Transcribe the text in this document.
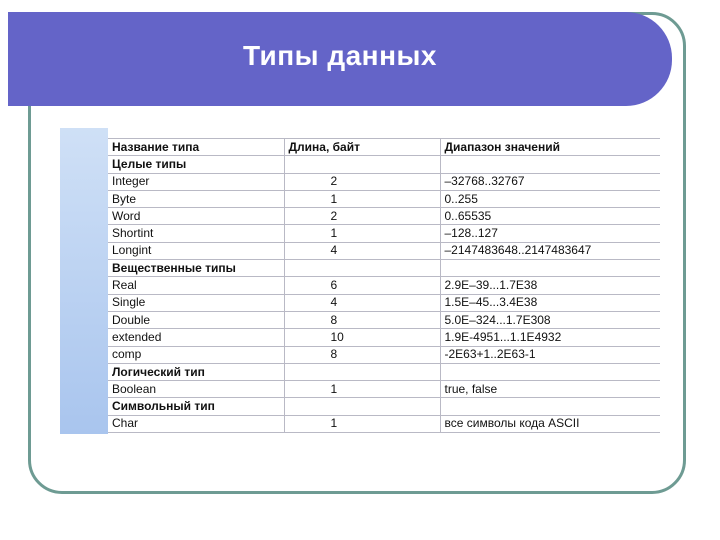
Типы данных
Название типа	Длина, байт	Диапазон значений
Целые типы		
Integer	2	–32768..32767
Byte	1	0..255
Word	2	0..65535
Shortint	1	–128..127
Longint	4	–2147483648..2147483647
Вещественные типы		
Real	6	2.9E–39...1.7E38
Single	4	1.5E–45...3.4E38
Double	8	5.0E–324...1.7E308
extended	10	1.9E-4951...1.1E4932
comp	8	-2E63+1..2E63-1
Логический тип		
Boolean	1	true, false
Символьный тип		
Char	1	все символы кода ASCII
